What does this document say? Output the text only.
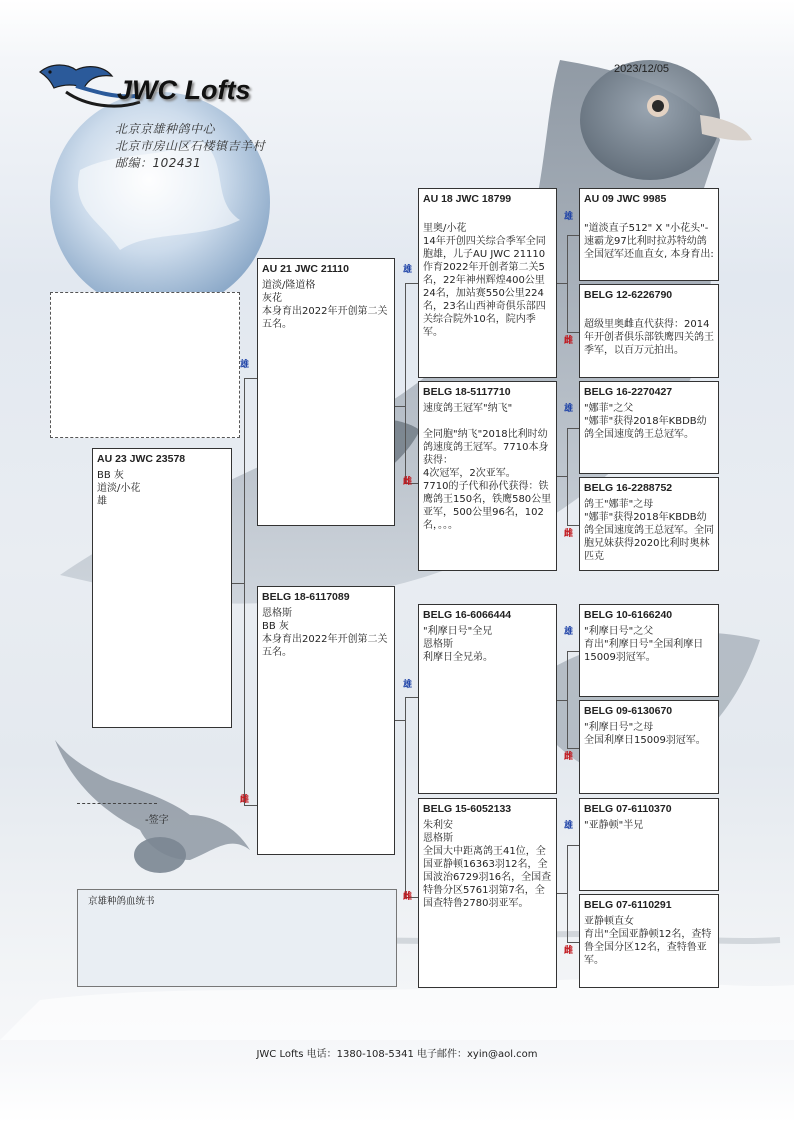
JWC Lofts
北京京雄种鸽中心
北京市房山区石楼镇吉羊村
邮编：102431
2023/12/05
AU 23 JWC 23578
BB 灰
道淡/小花
雄
AU 21 JWC 21110
道淡/隆道格
灰花
本身育出2022年开创第二关五名。
BELG 18-6117089
恩格斯
BB 灰
本身育出2022年开创第二关五名。
雄
雌
AU 18 JWC 18799

里奥/小花
14年开创四关综合季军全同胞雄，儿子AU JWC 21110作育2022年开创者第二关5名，22年神州辉煌400公里24名，加站赛550公里224名，23名山西神奇俱乐部四关综合院外10名，院内季军。
BELG 18-5117710
速度鸽王冠军"纳飞"

全同胞"纳飞"2018比利时幼鸽速度鸽王冠军。7710本身获得：
4次冠军，2次亚军。
7710的子代和孙代获得：铁鹰鸽王150名，铁鹰580公里亚军，500公里96名，102名，。。。
BELG 16-6066444
"利摩日号"全兄
恩格斯
利摩日全兄弟。
BELG 15-6052133
朱利安
恩格斯
全国大中距离鸽王41位，全国亚静顿16363羽12名，全国波治6729羽16名，全国查特鲁分区5761羽第7名，全国查特鲁2780羽亚军。
雄
雌
雄
雌
AU 09 JWC 9985

"道淡直子512" X "小花头"-速霸龙97比利时拉苏特幼鸽全国冠军还血直女, 本身育出:
BELG 12-6226790

超级里奥雌直代获得：2014年开创者俱乐部铁鹰四关鸽王季军，以百万元拍出。
BELG 16-2270427
"娜菲"之父
"娜菲"获得2018年KBDB幼鸽全国速度鸽王总冠军。
BELG 16-2288752
鸽王"娜菲"之母
"娜菲"获得2018年KBDB幼鸽全国速度鸽王总冠军。全同胞兄妹获得2020比利时奥林匹克
BELG 10-6166240
"利摩日号"之父
育出"利摩日号"全国利摩日15009羽冠军。
BELG 09-6130670
"利摩日号"之母
全国利摩日15009羽冠军。
BELG 07-6110370
"亚静顿"半兄
BELG 07-6110291
亚静顿直女
育出"全国亚静顿12名，查特鲁全国分区12名，查特鲁亚军。
雄
雌
雄
雌
雄
雌
雄
雌
-签字
京雄种鸽血统书
JWC Lofts 电话：1380-108-5341 电子邮件：xyin@aol.com
